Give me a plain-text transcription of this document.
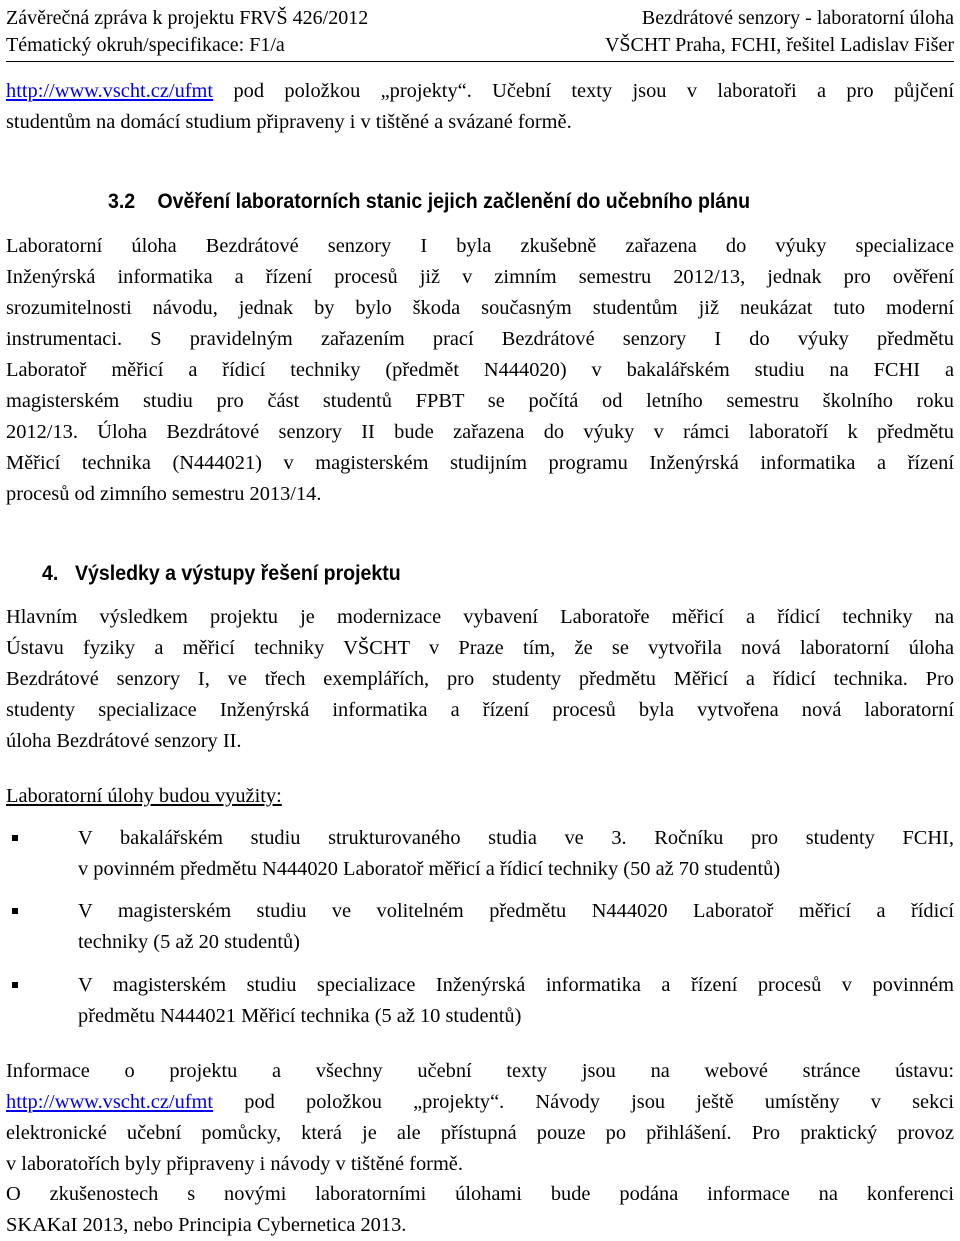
Závěrečná zpráva k projektu FRVŠ 426/2012	Bezdrátové senzory - laboratorní úloha
Tématický okruh/specifikace: F1/a	VŠCHT Praha, FCHI, řešitel Ladislav Fišer
http://www.vscht.cz/ufmt pod položkou „projekty“. Učební texty jsou v laboratoři a pro půjčení
studentům na domácí studium připraveny i v tištěné a svázané formě.
3.2 Ověření laboratorních stanic jejich začlenění do učebního plánu
Laboratorní úloha Bezdrátové senzory I byla zkušebně zařazena do výuky specializace
Inženýrská informatika a řízení procesů již v zimním semestru 2012/13, jednak pro ověření
srozumitelnosti návodu, jednak by bylo škoda současným studentům již neukázat tuto moderní
instrumentaci. S pravidelným zařazením prací Bezdrátové senzory I do výuky předmětu
Laboratoř měřicí a řídicí techniky (předmět N444020) v bakalářském studiu na FCHI a
magisterském studiu pro část studentů FPBT se počítá od letního semestru školního roku
2012/13. Úloha Bezdrátové senzory II bude zařazena do výuky v rámci laboratoří k předmětu
Měřicí technika (N444021) v magisterském studijním programu Inženýrská informatika a řízení
procesů od zimního semestru 2013/14.
4. Výsledky a výstupy řešení projektu
Hlavním výsledkem projektu je modernizace vybavení Laboratoře měřicí a řídicí techniky na
Ústavu fyziky a měřicí techniky VŠCHT v Praze tím, že se vytvořila nová laboratorní úloha
Bezdrátové senzory I, ve třech exemplářích, pro studenty předmětu Měřicí a řídicí technika. Pro
studenty specializace Inženýrská informatika a řízení procesů byla vytvořena nová laboratorní
úloha Bezdrátové senzory II.
Laboratorní úlohy budou využity:
V bakalářském studiu strukturovaného studia ve 3. Ročníku pro studenty FCHI,
v povinném předmětu N444020 Laboratoř měřicí a řídicí techniky (50 až 70 studentů)
V magisterském studiu ve volitelném předmětu N444020 Laboratoř měřicí a řídicí
techniky (5 až 20 studentů)
V magisterském studiu specializace Inženýrská informatika a řízení procesů v povinném
předmětu N444021 Měřicí technika (5 až 10 studentů)
Informace o projektu a všechny učební texty jsou na webové stránce ústavu:
http://www.vscht.cz/ufmt pod položkou „projekty“. Návody jsou ještě umístěny v sekci
elektronické učební pomůcky, která je ale přístupná pouze po přihlášení. Pro praktický provoz
v laboratořích byly připraveny i návody v tištěné formě.
O zkušenostech s novými laboratorními úlohami bude podána informace na konferenci
SKAKaI 2013, nebo Principia Cybernetica 2013.
